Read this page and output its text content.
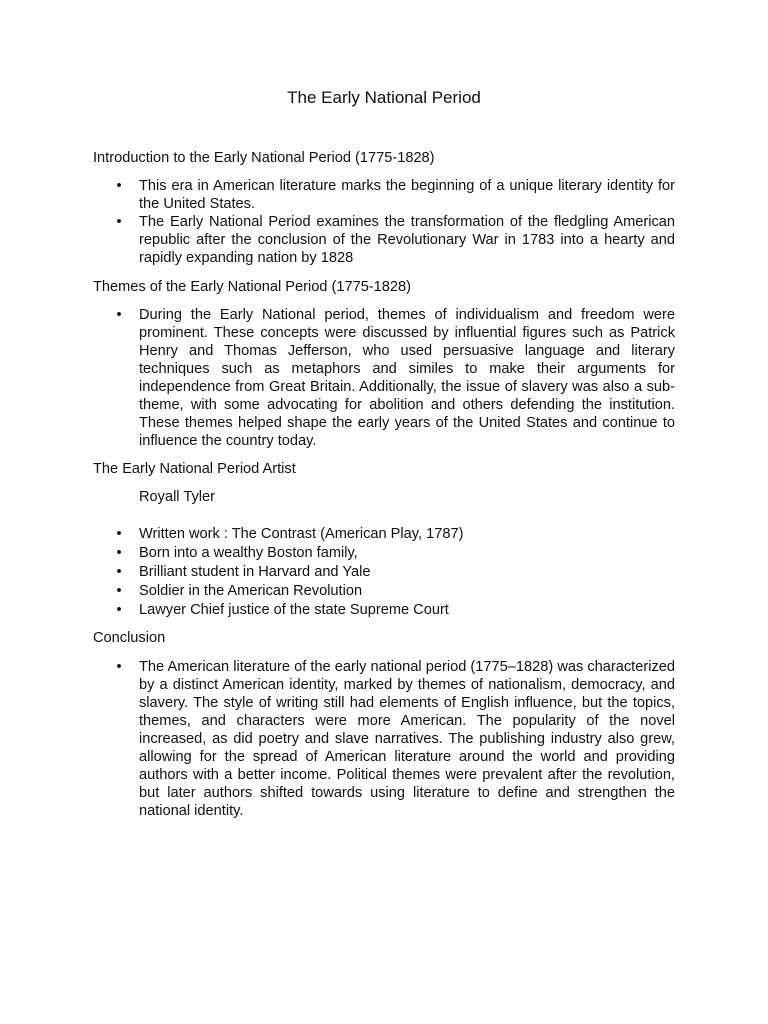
The Early National Period

Introduction to the Early National Period (1775-1828)

• This era in American literature marks the beginning of a unique literary identity for the United States.
• The Early National Period examines the transformation of the fledgling American republic after the conclusion of the Revolutionary War in 1783 into a hearty and rapidly expanding nation by 1828

Themes of the Early National Period (1775-1828)

• During the Early National period, themes of individualism and freedom were prominent. These concepts were discussed by influential figures such as Patrick Henry and Thomas Jefferson, who used persuasive language and literary techniques such as metaphors and similes to make their arguments for independence from Great Britain. Additionally, the issue of slavery was also a sub-theme, with some advocating for abolition and others defending the institution. These themes helped shape the early years of the United States and continue to influence the country today.

The Early National Period Artist

Royall Tyler

• Written work : The Contrast (American Play, 1787)
• Born into a wealthy Boston family,
• Brilliant student in Harvard and Yale
• Soldier in the American Revolution
• Lawyer Chief justice of the state Supreme Court

Conclusion

• The American literature of the early national period (1775–1828) was characterized by a distinct American identity, marked by themes of nationalism, democracy, and slavery. The style of writing still had elements of English influence, but the topics, themes, and characters were more American. The popularity of the novel increased, as did poetry and slave narratives. The publishing industry also grew, allowing for the spread of American literature around the world and providing authors with a better income. Political themes were prevalent after the revolution, but later authors shifted towards using literature to define and strengthen the national identity.
